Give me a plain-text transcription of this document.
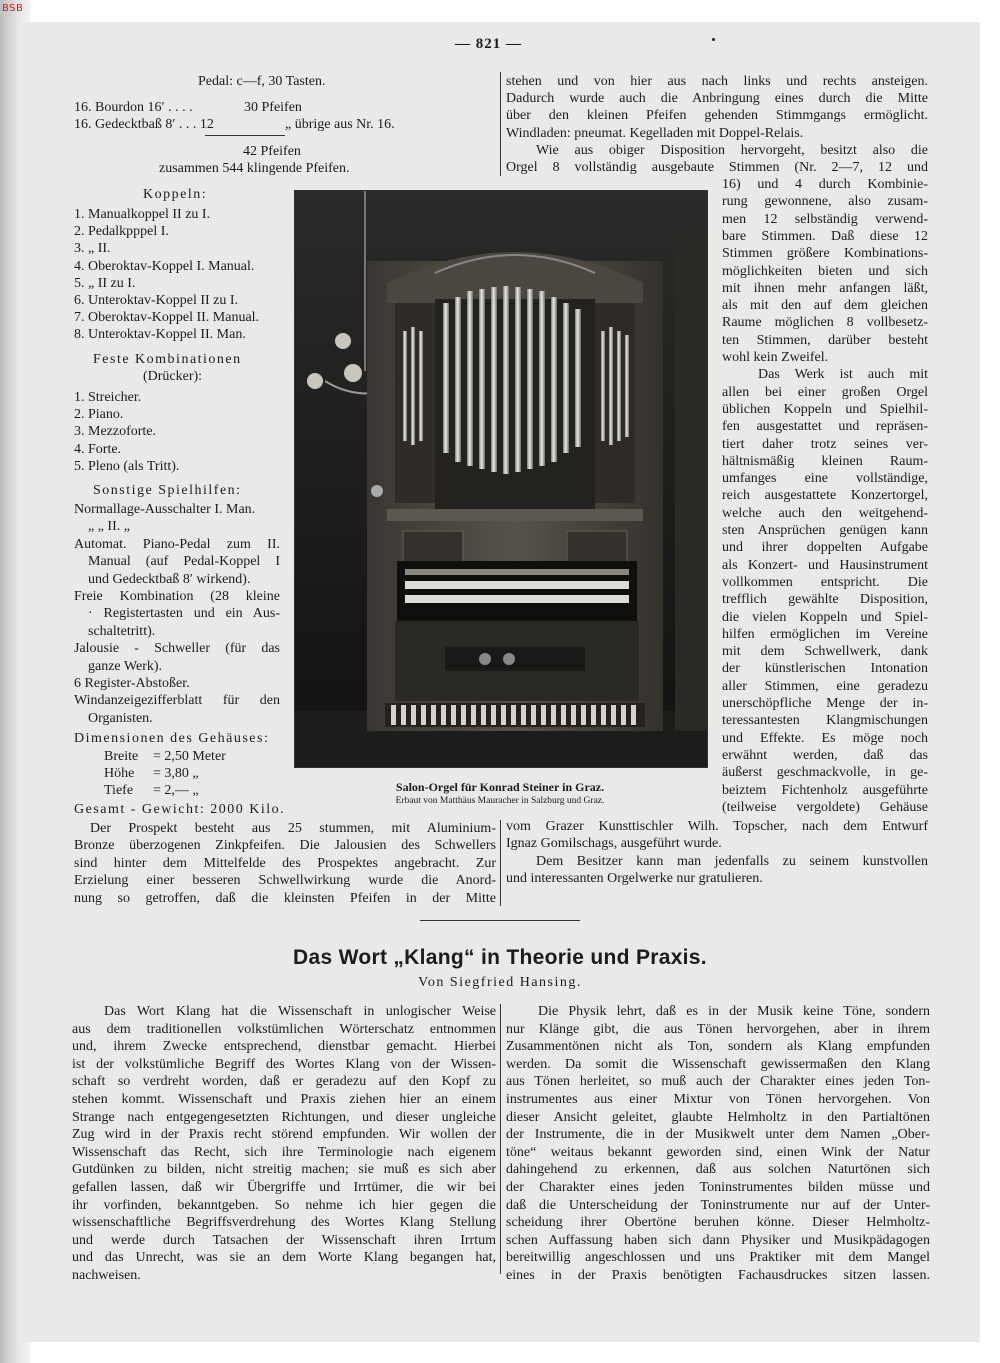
BSB
— 821 —
Pedal: c—f, 30 Tasten.
16. Bourdon 16′ . . . .	30 Pfeifen
16. Gedecktbaß 8′ . . . 12	„ übrige aus Nr. 16.
42 Pfeifen
zusammen 544 klingende Pfeifen.
Koppeln:
1. Manualkoppel II zu I.
2. Pedalkpppel I.
3. „ II.
4. Oberoktav-Koppel I. Manual.
5. „ II zu I.
6. Unteroktav-Koppel II zu I.
7. Oberoktav-Koppel II. Manual.
8. Unteroktav-Koppel II. Man.
Feste Kombinationen
(Drücker):
1. Streicher.
2. Piano.
3. Mezzoforte.
4. Forte.
5. Pleno (als Tritt).
Sonstige Spielhilfen:
Normallage-Ausschalter I. Man.
„ „ II. „
Automat. Piano-Pedal zum II.
Manual (auf Pedal-Koppel I
und Gedecktbaß 8′ wirkend).
Freie Kombination (28 kleine
· Registertasten und ein Aus-
schaltetritt).
Jalousie - Schweller (für das
ganze Werk).
6 Register-Abstoßer.
Windanzeigezifferblatt für den
Organisten.
Dimensionen des Gehäuses:
Breite = 2,50 Meter
Höhe = 3,80 „
Tiefe = 2,— „
Gesamt - Gewicht: 2000 Kilo.
Der Prospekt besteht aus 25 stummen, mit Aluminium-
Bronze überzogenen Zinkpfeifen. Die Jalousien des Schwellers
sind hinter dem Mittelfelde des Prospektes angebracht. Zur
Erzielung einer besseren Schwellwirkung wurde die Anord-
nung so getroffen, daß die kleinsten Pfeifen in der Mitte
stehen und von hier aus nach links und rechts ansteigen.
Dadurch wurde auch die Anbringung eines durch die Mitte
über den kleinen Pfeifen gehenden Stimmgangs ermöglicht.
Windladen: pneumat. Kegelladen mit Doppel-Relais.
Wie aus obiger Disposition hervorgeht, besitzt also die
Orgel 8 vollständig ausgebaute Stimmen (Nr. 2—7, 12 und
16) und 4 durch Kombinie-
rung gewonnene, also zusam-
men 12 selbständig verwend-
bare Stimmen. Daß diese 12
Stimmen größere Kombinations-
möglichkeiten bieten und sich
mit ihnen mehr anfangen läßt,
als mit den auf dem gleichen
Raume möglichen 8 vollbesetz-
ten Stimmen, darüber besteht
wohl kein Zweifel.
Das Werk ist auch mit
allen bei einer großen Orgel
üblichen Koppeln und Spielhil-
fen ausgestattet und repräsen-
tiert daher trotz seines ver-
hältnismäßig kleinen Raum-
umfanges eine vollständige,
reich ausgestattete Konzertorgel,
welche auch den weitgehend-
sten Ansprüchen genügen kann
und ihrer doppelten Aufgabe
als Konzert- und Hausinstrument
vollkommen entspricht. Die
trefflich gewählte Disposition,
die vielen Koppeln und Spiel-
hilfen ermöglichen im Vereine
mit dem Schwellwerk, dank
der künstlerischen Intonation
aller Stimmen, eine geradezu
unerschöpfliche Menge der in-
teressantesten Klangmischungen
und Effekte. Es möge noch
erwähnt werden, daß das
äußerst geschmackvolle, in ge-
beiztem Fichtenholz ausgeführte
(teilweise vergoldete) Gehäuse
vom Grazer Kunsttischler Wilh. Topscher, nach dem Entwurf
Ignaz Gomilschags, ausgeführt wurde.
Dem Besitzer kann man jedenfalls zu seinem kunstvollen
und interessanten Orgelwerke nur gratulieren.
Salon-Orgel für Konrad Steiner in Graz.
Erbaut von Matthäus Mauracher in Salzburg und Graz.
Das Wort „Klang“ in Theorie und Praxis.
Von Siegfried Hansing.
Das Wort Klang hat die Wissenschaft in unlogischer Weise
aus dem traditionellen volkstümlichen Wörterschatz entnommen
und, ihrem Zwecke entsprechend, dienstbar gemacht. Hierbei
ist der volkstümliche Begriff des Wortes Klang von der Wissen-
schaft so verdreht worden, daß er geradezu auf den Kopf zu
stehen kommt. Wissenschaft und Praxis ziehen hier an einem
Strange nach entgegengesetzten Richtungen, und dieser ungleiche
Zug wird in der Praxis recht störend empfunden. Wir wollen der
Wissenschaft das Recht, sich ihre Terminologie nach eigenem
Gutdünken zu bilden, nicht streitig machen; sie muß es sich aber
gefallen lassen, daß wir Übergriffe und Irrtümer, die wir bei
ihr vorfinden, bekanntgeben. So nehme ich hier gegen die
wissenschaftliche Begriffsverdrehung des Wortes Klang Stellung
und werde durch Tatsachen der Wissenschaft ihren Irrtum
und das Unrecht, was sie an dem Worte Klang begangen hat,
nachweisen.
Die Physik lehrt, daß es in der Musik keine Töne, sondern
nur Klänge gibt, die aus Tönen hervorgehen, aber in ihrem
Zusammentönen nicht als Ton, sondern als Klang empfunden
werden. Da somit die Wissenschaft gewissermaßen den Klang
aus Tönen herleitet, so muß auch der Charakter eines jeden Ton-
instrumentes aus einer Mixtur von Tönen hervorgehen. Von
dieser Ansicht geleitet, glaubte Helmholtz in den Partialtönen
der Instrumente, die in der Musikwelt unter dem Namen „Ober-
töne“ weitaus bekannt geworden sind, einen Wink der Natur
dahingehend zu erkennen, daß aus solchen Naturtönen sich
der Charakter eines jeden Toninstrumentes bilden müsse und
daß die Unterscheidung der Toninstrumente nur auf der Unter-
scheidung ihrer Obertöne beruhen könne. Dieser Helmholtz-
schen Auffassung haben sich dann Physiker und Musikpädagogen
bereitwillig angeschlossen und uns Praktiker mit dem Mangel
eines in der Praxis benötigten Fachausdruckes sitzen lassen.
